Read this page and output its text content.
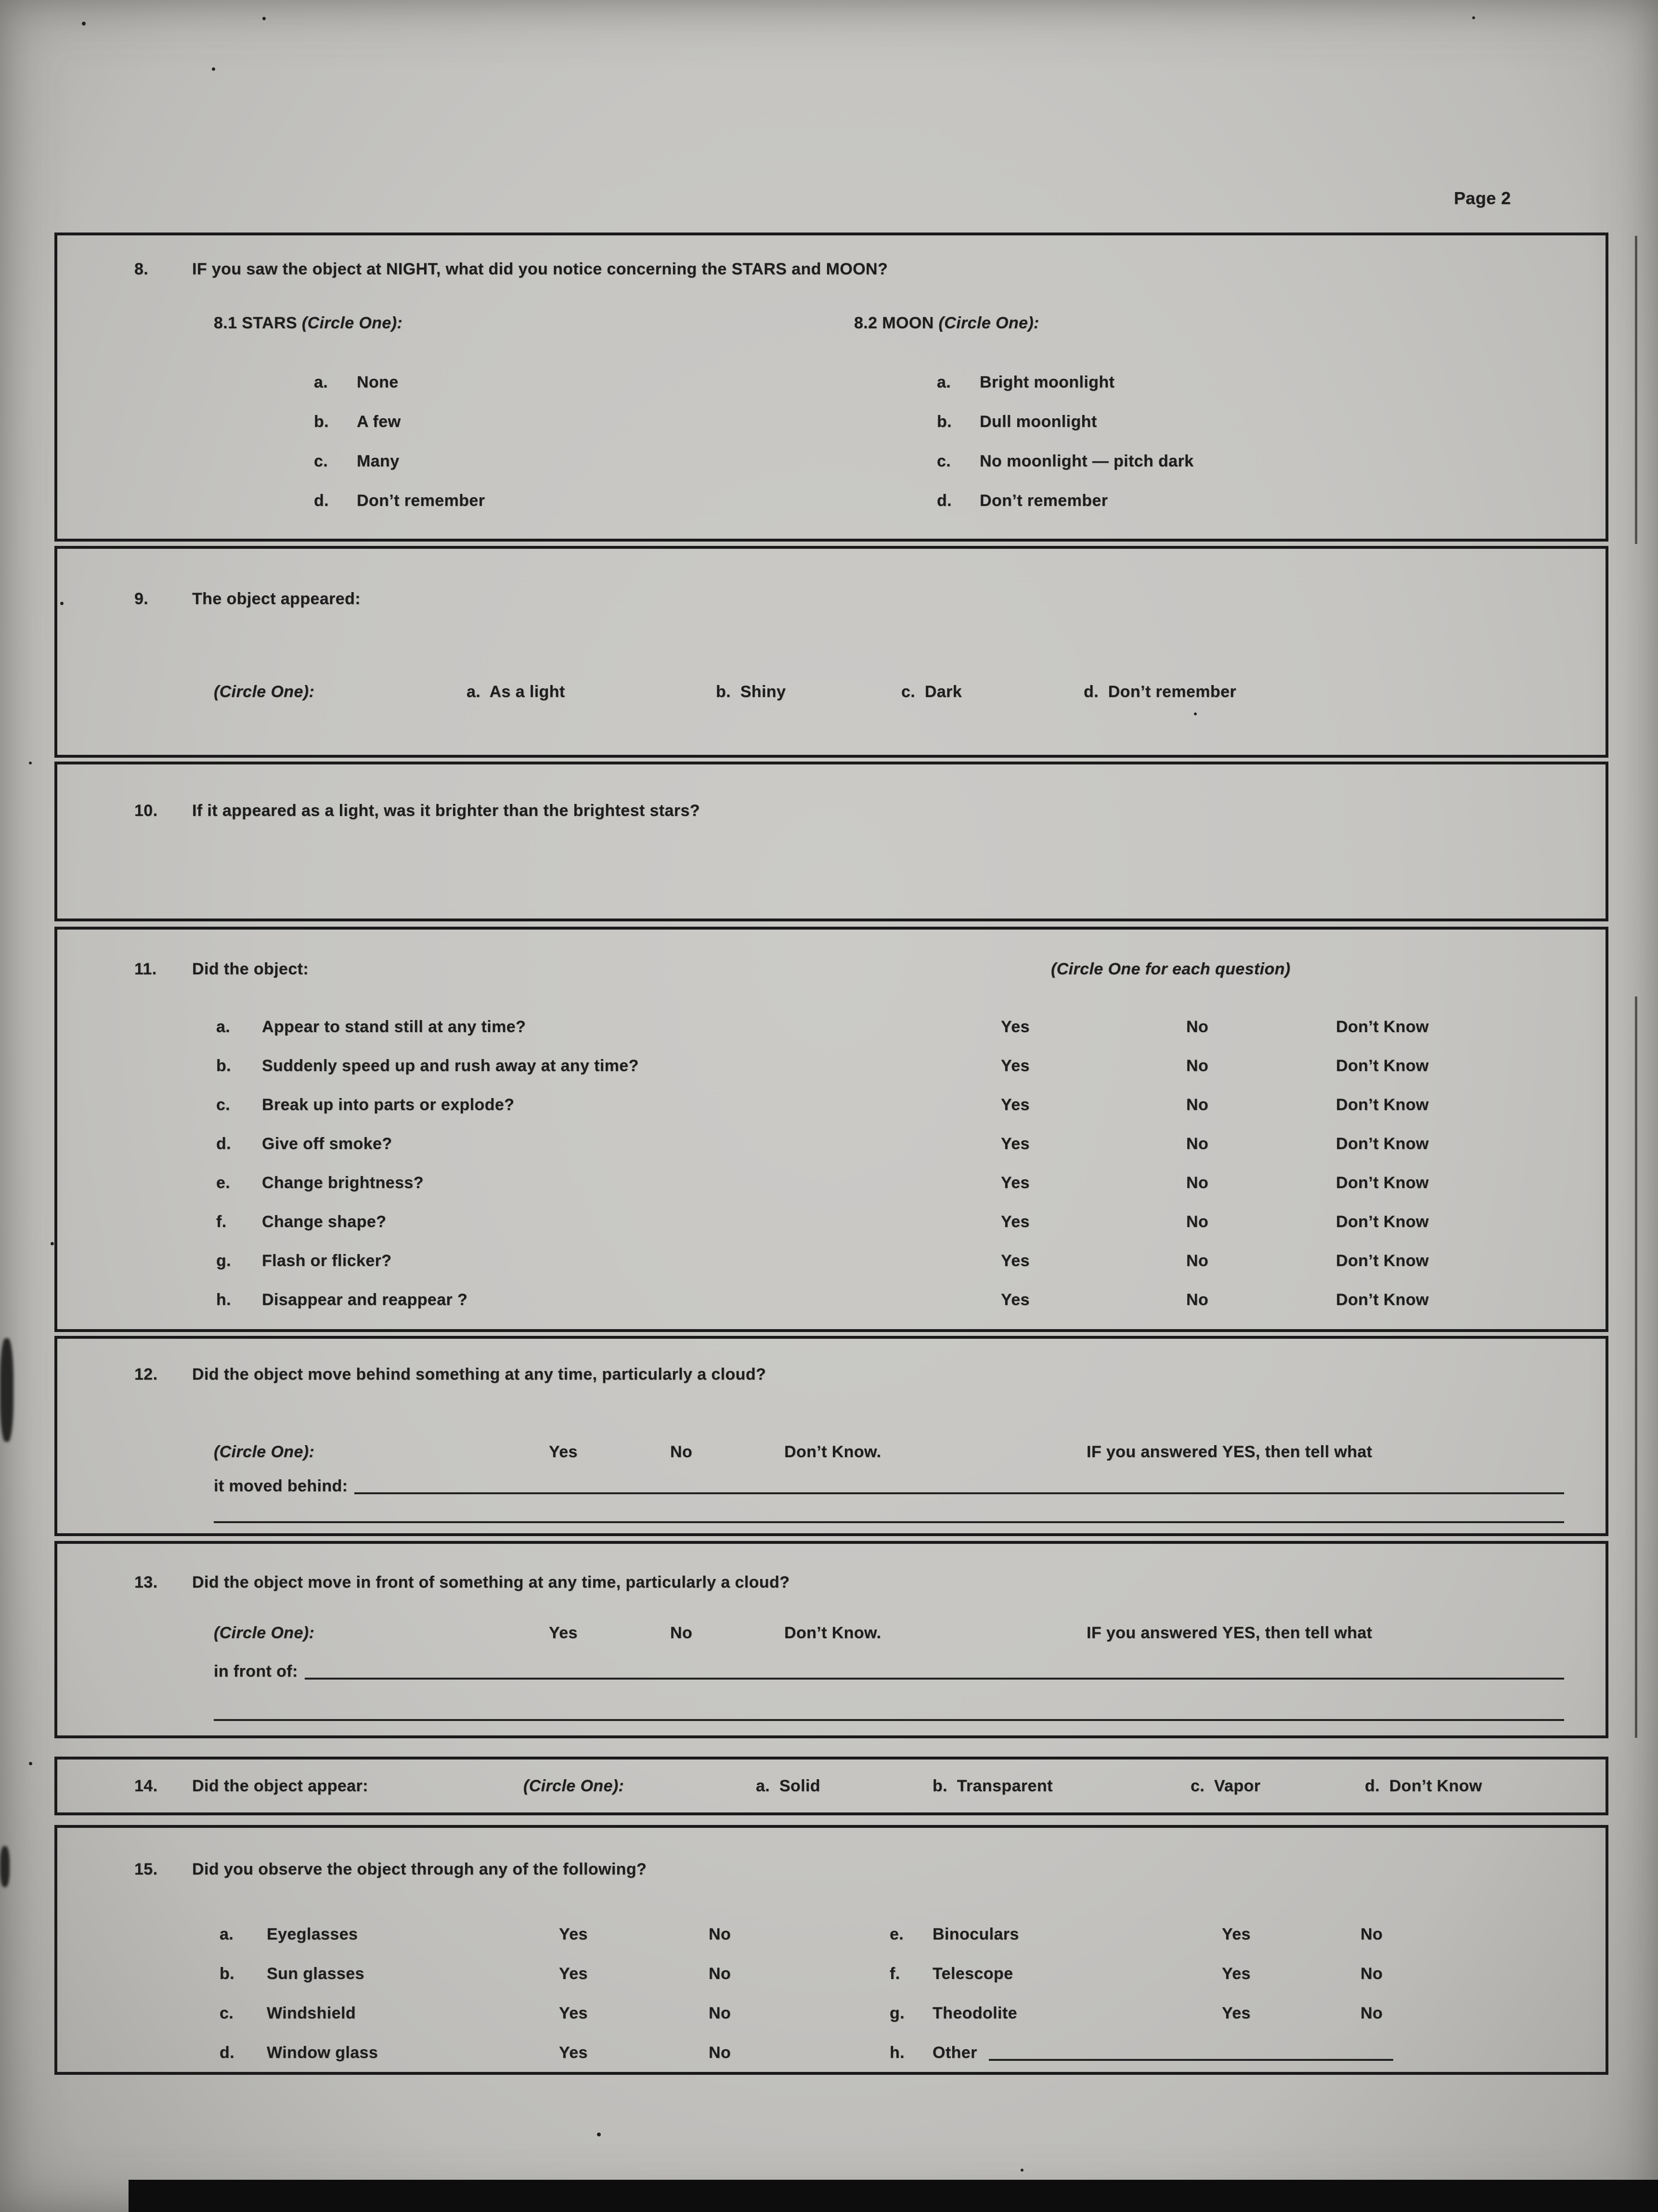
Page 2
8.	IF you saw the object at NIGHT, what did you notice concerning the STARS and MOON?
8.1 STARS (Circle One):	8.2 MOON (Circle One):
a.	None	a.	Bright moonlight
b.	A few	b.	Dull moonlight
c.	Many	c.	No moonlight — pitch dark
d.	Don’t remember	d.	Don’t remember
9.	The object appeared:
(Circle One):	a. As a light	b. Shiny	c. Dark	d. Don’t remember
10.	If it appeared as a light, was it brighter than the brightest stars?
11.	Did the object:	(Circle One for each question)
a.	Appear to stand still at any time?	Yes	No	Don’t Know
b.	Suddenly speed up and rush away at any time?	Yes	No	Don’t Know
c.	Break up into parts or explode?	Yes	No	Don’t Know
d.	Give off smoke?	Yes	No	Don’t Know
e.	Change brightness?	Yes	No	Don’t Know
f.	Change shape?	Yes	No	Don’t Know
g.	Flash or flicker?	Yes	No	Don’t Know
h.	Disappear and reappear ?	Yes	No	Don’t Know
12.	Did the object move behind something at any time, particularly a cloud?
(Circle One):	Yes	No	Don’t Know.	IF you answered YES, then tell what
it moved behind:
13.	Did the object move in front of something at any time, particularly a cloud?
(Circle One):	Yes	No	Don’t Know.	IF you answered YES, then tell what
in front of:
14.	Did the object appear:	(Circle One):	a. Solid	b. Transparent	c. Vapor	d. Don’t Know
15.	Did you observe the object through any of the following?
a.	Eyeglasses	Yes	No	e.	Binoculars	Yes	No
b.	Sun glasses	Yes	No	f.	Telescope	Yes	No
c.	Windshield	Yes	No	g.	Theodolite	Yes	No
d.	Window glass	Yes	No	h.	Other
